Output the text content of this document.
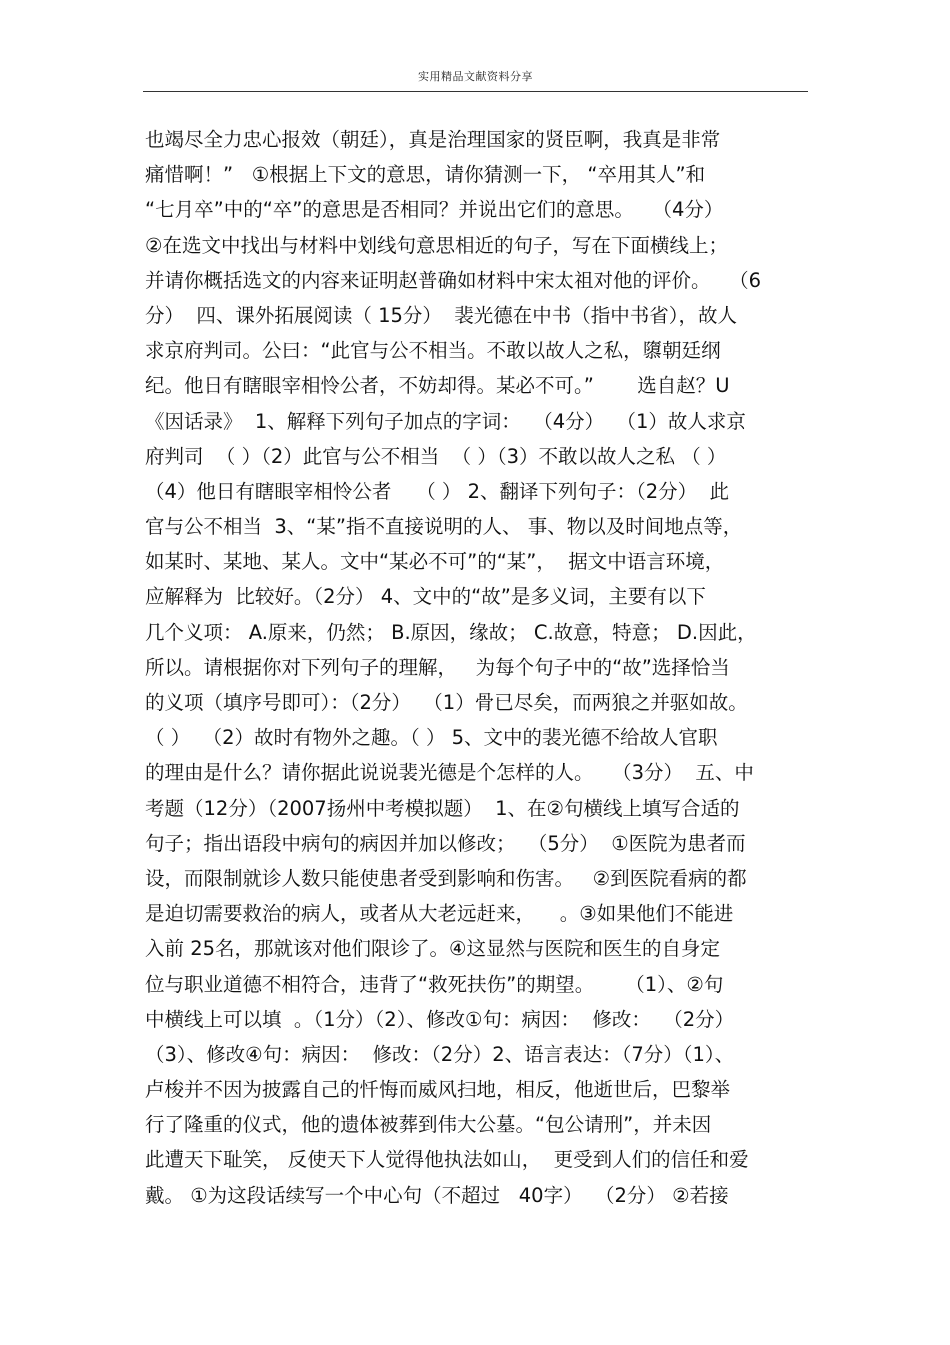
实用精品文献资料分享
也竭尽全力忠心报效（朝廷），真是治理国家的贤臣啊，我真是非常
痛惜啊！”   ①根据上下文的意思，请你猜测一下， “卒用其人”和
“七月卒”中的“卒”的意思是否相同？并说出它们的意思。   （4分）
②在选文中找出与材料中划线句意思相近的句子，写在下面横线上；
并请你概括选文的内容来证明赵普确如材料中宋太祖对他的评价。   （6
分）  四、课外拓展阅读（ 15分）  裴光德在中书（指中书省），故人
求京府判司。公曰：“此官与公不相当。不敢以故人之私，隳朝廷纲
纪。他日有瞎眼宰相怜公者，不妨却得。某必不可。”       选自赵？U
《因话录》  1、解释下列句子加点的字词：  （4分）  （1）故人求京
府判司  （ ）（2）此官与公不相当  （ ）（3）不敢以故人之私 （ ）
（4）他日有瞎眼宰相怜公者    （ ） 2、翻译下列句子：（2分）  此
官与公不相当  3、“某”指不直接说明的人、 事、物以及时间地点等，
如某时、某地、某人。文中“某必不可”的“某”，  据文中语言环境，
应解释为  比较好。（2分） 4、文中的“故”是多义词，主要有以下
几个义项： A.原来，仍然； B.原因，缘故； C.故意，特意； D.因此，
所以。请根据你对下列句子的理解，   为每个句子中的“故”选择恰当
的义项（填序号即可）：（2分）  （1）骨已尽矣，而两狼之并驱如故。
（ ）  （2）故时有物外之趣。（ ） 5、文中的裴光德不给故人官职
的理由是什么？请你据此说说裴光德是个怎样的人。   （3分）  五、中
考题（12分）（2007扬州中考模拟题）  1、在②句横线上填写合适的
句子；指出语段中病句的病因并加以修改；  （5分）  ①医院为患者而
设，而限制就诊人数只能使患者受到影响和伤害。   ②到医院看病的都
是迫切需要救治的病人，或者从大老远赶来，    。③如果他们不能进
入前 25名，那就该对他们限诊了。④这显然与医院和医生的自身定
位与职业道德不相符合，违背了“救死扶伤”的期望。     （1）、②句
中横线上可以填  。（1分）（2）、修改①句：病因：  修改：  （2分）
（3）、修改④句：病因：  修改：（2分）2、语言表达：（7分）（1）、
卢梭并不因为披露自己的忏悔而威风扫地，相反，他逝世后，巴黎举
行了隆重的仪式，他的遗体被葬到伟大公墓。“包公请刑”，并未因
此遭天下耻笑， 反使天下人觉得他执法如山，  更受到人们的信任和爱
戴。 ①为这段话续写一个中心句（不超过   40字）  （2分） ②若接
